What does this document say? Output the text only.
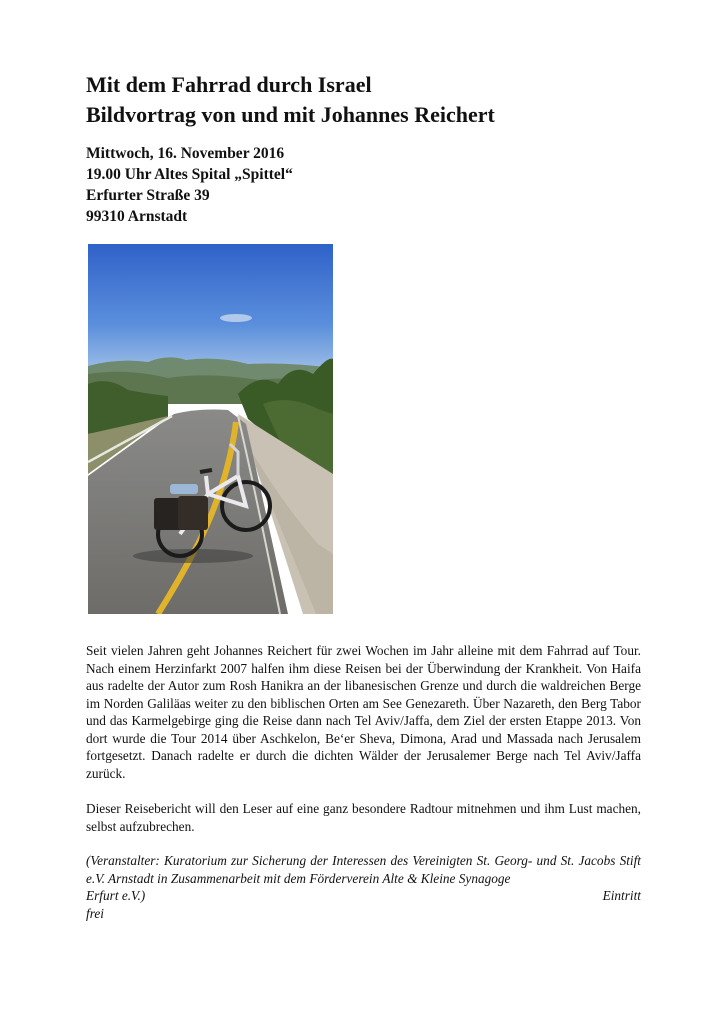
Mit dem Fahrrad durch Israel
Bildvortrag von und mit Johannes Reichert
Mittwoch, 16. November 2016
19.00 Uhr Altes Spital „Spittel“
Erfurter Straße 39
99310 Arnstadt

Seit vielen Jahren geht Johannes Reichert für zwei Wochen im Jahr alleine mit dem Fahrrad auf Tour. Nach einem Herzinfarkt 2007 halfen ihm diese Reisen bei der Überwindung der Krankheit. Von Haifa aus radelte der Autor zum Rosh Hanikra an der libanesischen Grenze und durch die waldreichen Berge im Norden Galiläas weiter zu den biblischen Orten am See Genezareth. Über Nazareth, den Berg Tabor und das Karmelgebirge ging die Reise dann nach Tel Aviv/Jaffa, dem Ziel der ersten Etappe 2013. Von dort wurde die Tour 2014 über Aschkelon, Be‘er Sheva, Dimona, Arad und Massada nach Jerusalem fortgesetzt. Danach radelte er durch die dichten Wälder der Jerusalemer Berge nach Tel Aviv/Jaffa zurück.

Dieser Reisebericht will den Leser auf eine ganz besondere Radtour mitnehmen und ihm Lust machen, selbst aufzubrechen.

(Veranstalter: Kuratorium zur Sicherung der Interessen des Vereinigten St. Georg- und St. Jacobs Stift e.V. Arnstadt in Zusammenarbeit mit dem Förderverein Alte & Kleine Synagoge

Erfurt e.V.)	Eintritt
frei
